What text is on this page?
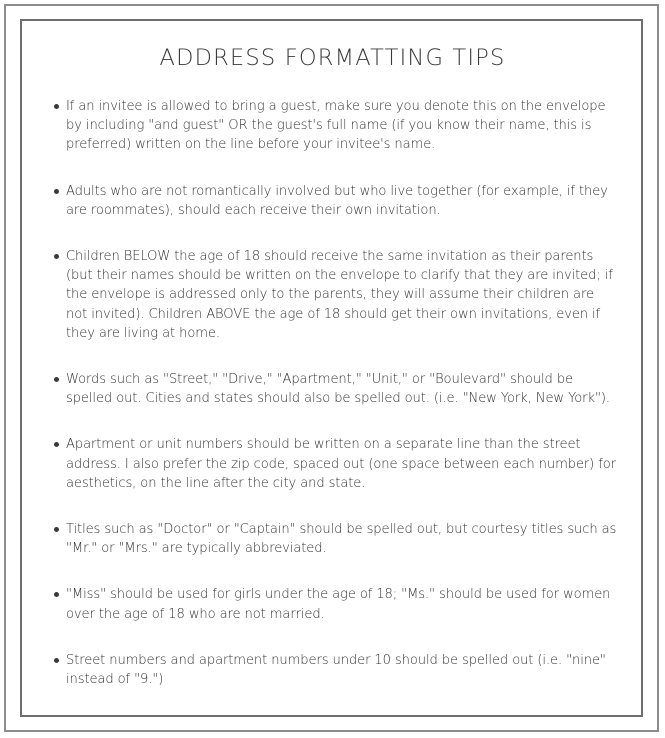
ADDRESS FORMATTING TIPS
If an invitee is allowed to bring a guest, make sure you denote this on the envelope by including "and guest" OR the guest's full name (if you know their name, this is preferred) written on the line before your invitee's name.
Adults who are not romantically involved but who live together (for example, if they are roommates), should each receive their own invitation.
Children BELOW the age of 18 should receive the same invitation as their parents (but their names should be written on the envelope to clarify that they are invited; if the envelope is addressed only to the parents, they will assume their children are not invited). Children ABOVE the age of 18 should get their own invitations, even if they are living at home.
Words such as "Street," "Drive," "Apartment," "Unit," or "Boulevard" should be spelled out. Cities and states should also be spelled out. (i.e. "New York, New York").
Apartment or unit numbers should be written on a separate line than the street address. I also prefer the zip code, spaced out (one space between each number) for aesthetics, on the line after the city and state.
Titles such as "Doctor" or "Captain" should be spelled out, but courtesy titles such as "Mr." or "Mrs." are typically abbreviated.
"Miss" should be used for girls under the age of 18; "Ms." should be used for women over the age of 18 who are not married.
Street numbers and apartment numbers under 10 should be spelled out (i.e. "nine" instead of "9.")
